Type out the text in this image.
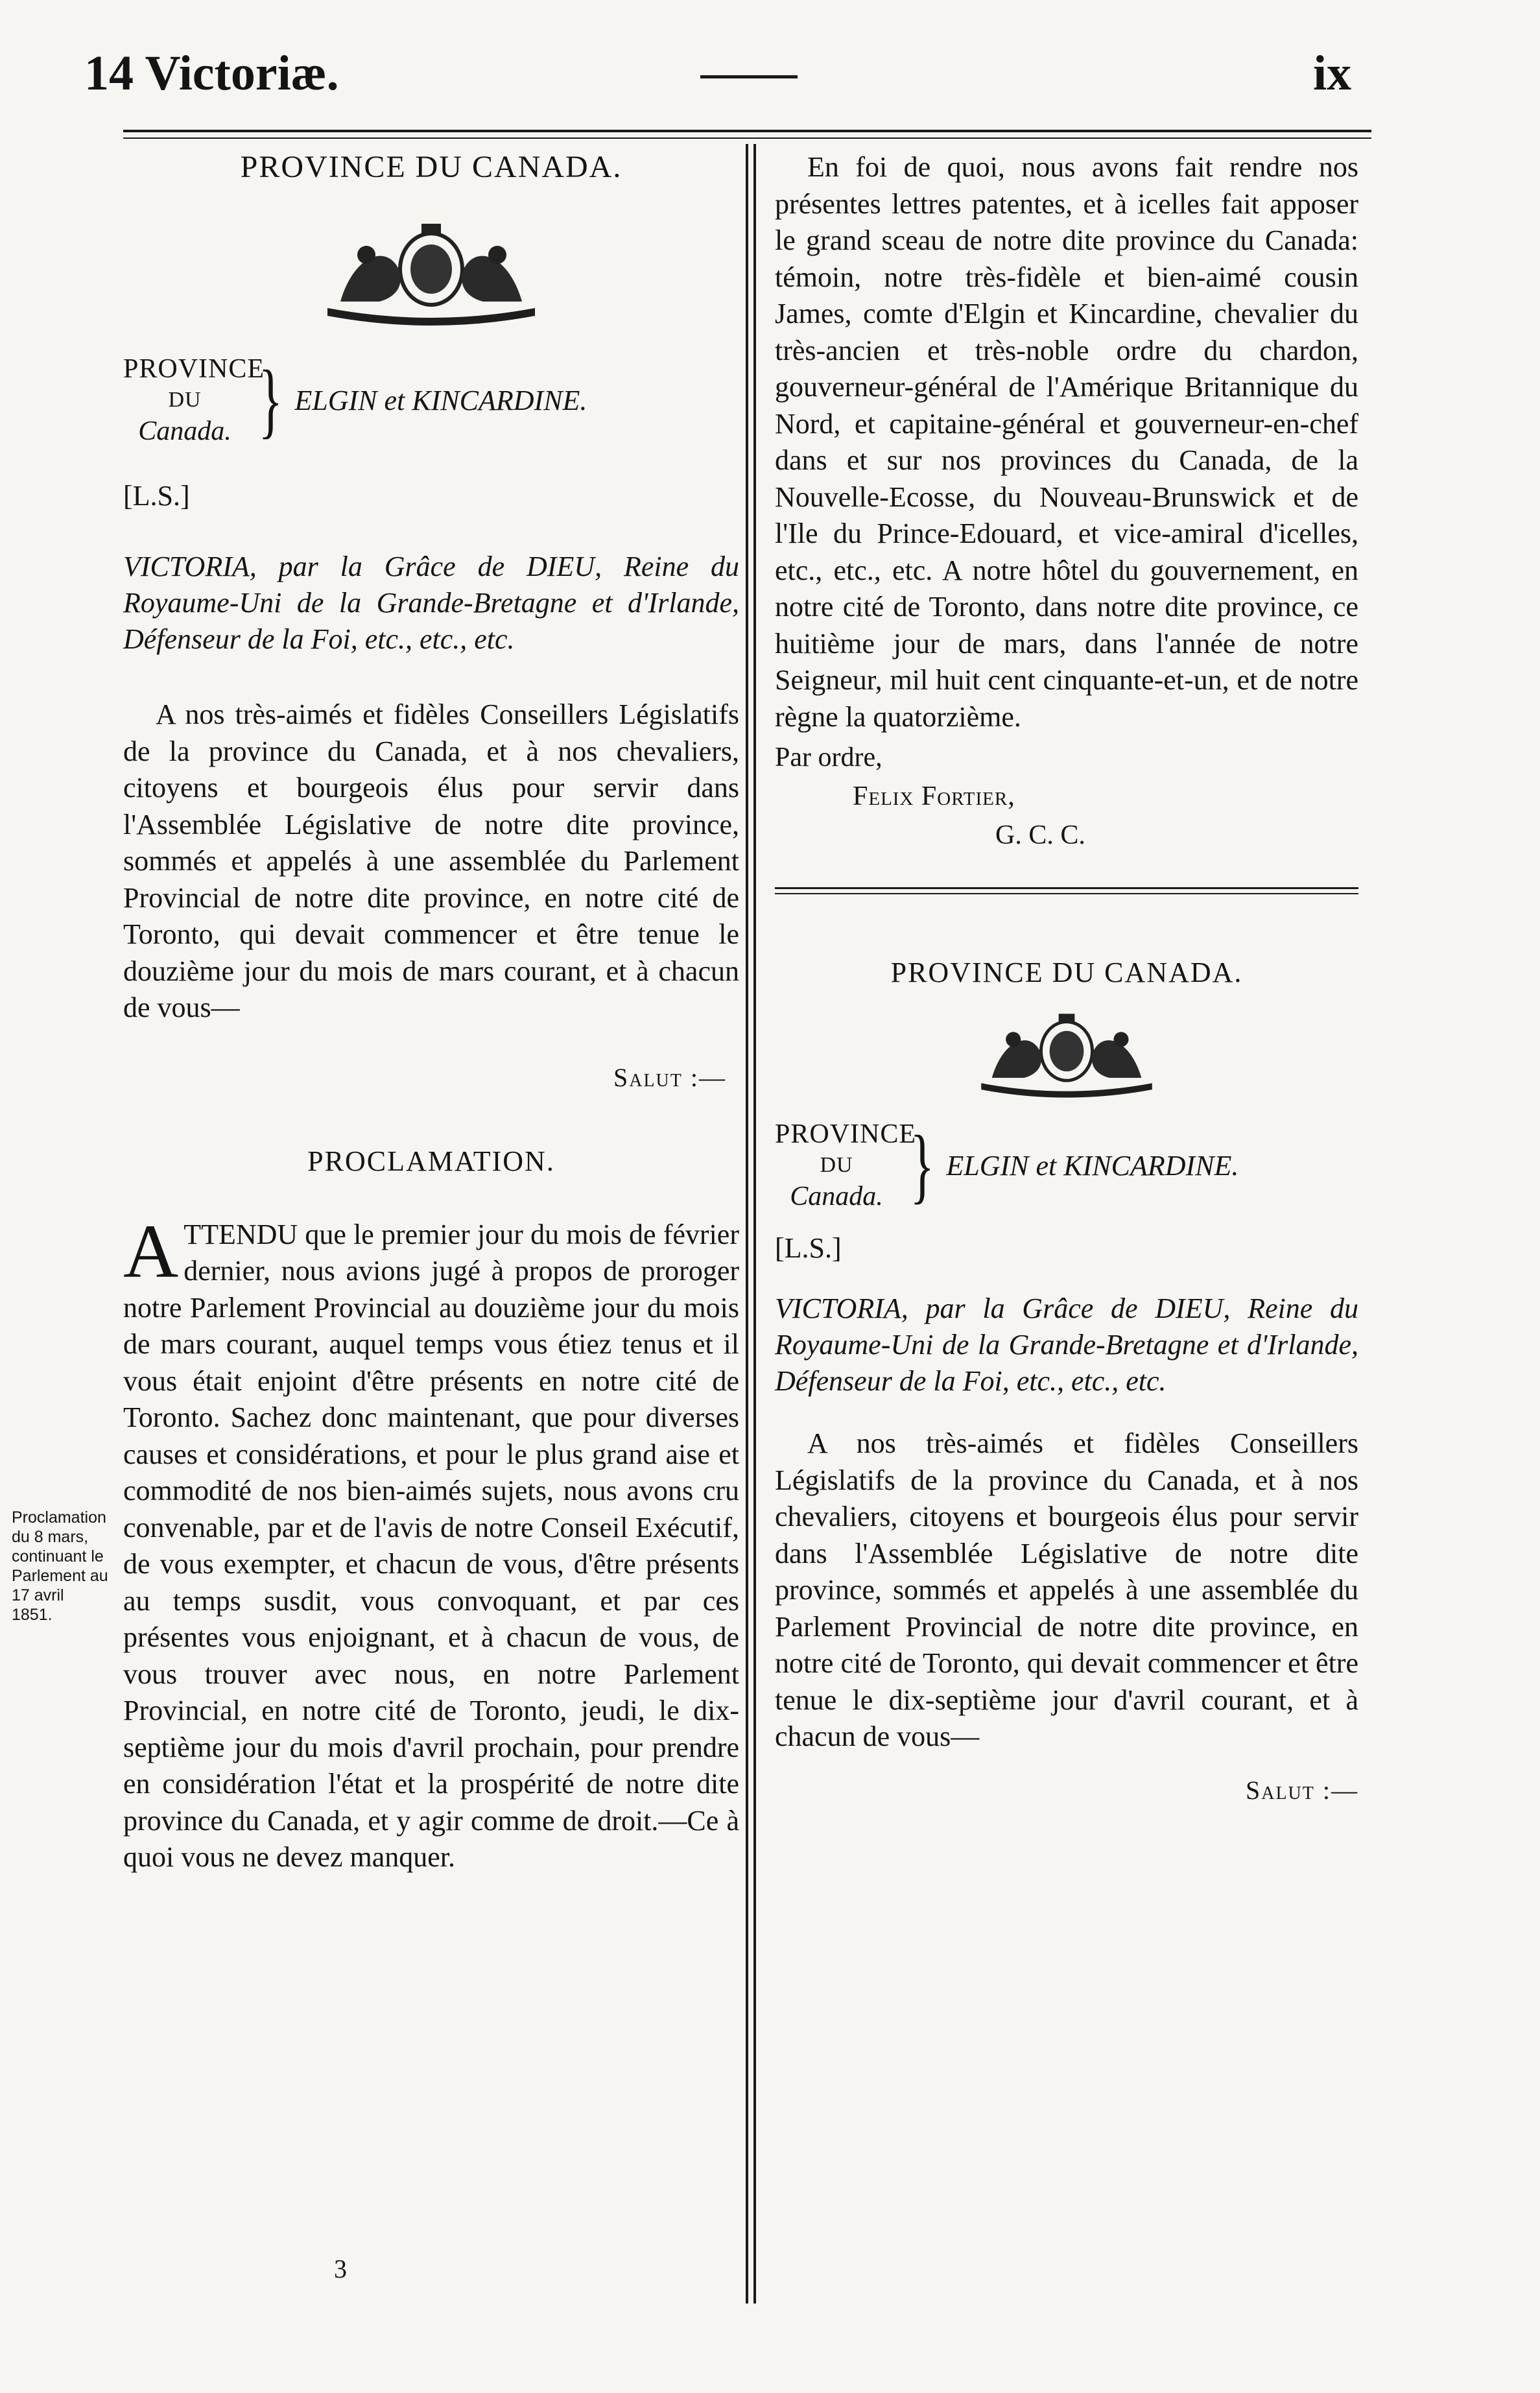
14 Victoriæ.	ix
Proclamation du 8 mars, continuant le Parlement au 17 avril 1851.
PROVINCE DU CANADA.
PROVINCE
DU
Canada. } ELGIN et KINCARDINE.
[L.S.]
VICTORIA, par la Grâce de DIEU, Reine du Royaume-Uni de la Grande-Bretagne et d'Irlande, Défenseur de la Foi, etc., etc., etc.
A nos très-aimés et fidèles Conseillers Législatifs de la province du Canada, et à nos chevaliers, citoyens et bourgeois élus pour servir dans l'Assemblée Législative de notre dite province, sommés et appelés à une assemblée du Parlement Provincial de notre dite province, en notre cité de Toronto, qui devait commencer et être tenue le douzième jour du mois de mars courant, et à chacun de vous—
Salut :—
PROCLAMATION.
A TTENDU que le premier jour du mois de février dernier, nous avions jugé à propos de proroger notre Parlement Provincial au douzième jour du mois de mars courant, auquel temps vous étiez tenus et il vous était enjoint d'être présents en notre cité de Toronto. Sachez donc maintenant, que pour diverses causes et considérations, et pour le plus grand aise et commodité de nos bien-aimés sujets, nous avons cru convenable, par et de l'avis de notre Conseil Exécutif, de vous exempter, et chacun de vous, d'être présents au temps susdit, vous convoquant, et par ces présentes vous enjoignant, et à chacun de vous, de vous trouver avec nous, en notre Parlement Provincial, en notre cité de Toronto, jeudi, le dix-septième jour du mois d'avril prochain, pour prendre en considération l'état et la prospérité de notre dite province du Canada, et y agir comme de droit.—Ce à quoi vous ne devez manquer.
3
En foi de quoi, nous avons fait rendre nos présentes lettres patentes, et à icelles fait apposer le grand sceau de notre dite province du Canada: témoin, notre très-fidèle et bien-aimé cousin James, comte d'Elgin et Kincardine, chevalier du très-ancien et très-noble ordre du chardon, gouverneur-général de l'Amérique Britannique du Nord, et capitaine-général et gouverneur-en-chef dans et sur nos provinces du Canada, de la Nouvelle-Ecosse, du Nouveau-Brunswick et de l'Ile du Prince-Edouard, et vice-amiral d'icelles, etc., etc., etc. A notre hôtel du gouvernement, en notre cité de Toronto, dans notre dite province, ce huitième jour de mars, dans l'année de notre Seigneur, mil huit cent cinquante-et-un, et de notre règne la quatorzième.
Par ordre,
Felix Fortier,
G. C. C.
PROVINCE DU CANADA.
PROVINCE
DU
Canada. } ELGIN et KINCARDINE.
[L.S.]
VICTORIA, par la Grâce de DIEU, Reine du Royaume-Uni de la Grande-Bretagne et d'Irlande, Défenseur de la Foi, etc., etc., etc.
A nos très-aimés et fidèles Conseillers Législatifs de la province du Canada, et à nos chevaliers, citoyens et bourgeois élus pour servir dans l'Assemblée Législative de notre dite province, sommés et appelés à une assemblée du Parlement Provincial de notre dite province, en notre cité de Toronto, qui devait commencer et être tenue le dix-septième jour d'avril courant, et à chacun de vous—
Salut :—
